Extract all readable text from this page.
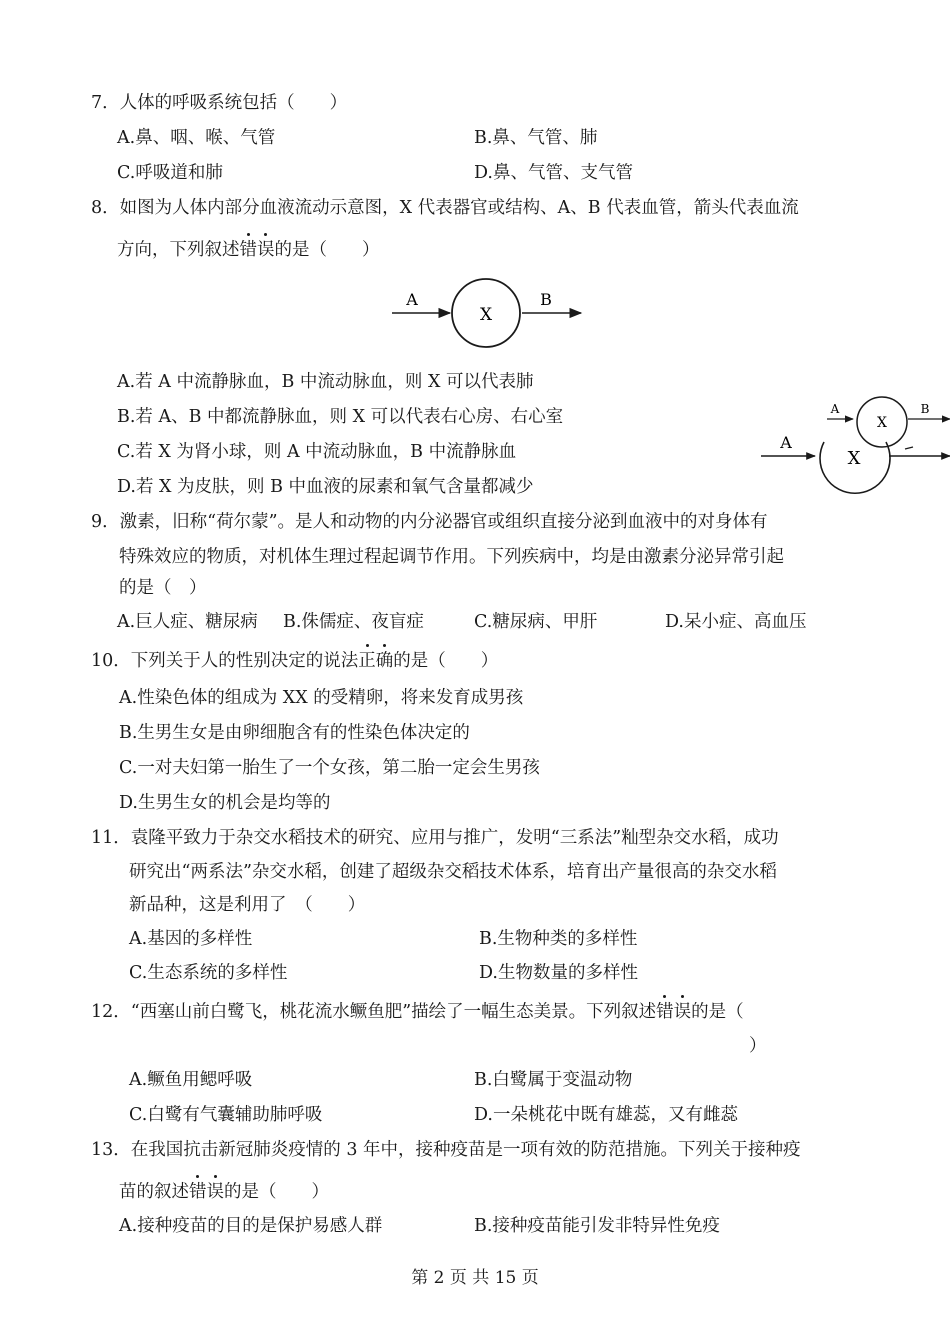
7．人体的呼吸系统包括（　　）
A.鼻、咽、喉、气管	B.鼻、气管、肺
C.呼吸道和肺	D.鼻、气管、支气管
8．如图为人体内部分血液流动示意图，X 代表器官或结构、A、B 代表血管，箭头代表血流
方向，下列叙述错误的是（　　）
A
X
B
A.若 A 中流静脉血，B 中流动脉血，则 X 可以代表肺
B.若 A、B 中都流静脉血，则 X 可以代表右心房、右心室
C.若 X 为肾小球，则 A 中流动脉血，B 中流静脉血
D.若 X 为皮肤，则 B 中血液的尿素和氧气含量都减少
A
X
B
A
X
9．激素，旧称“荷尔蒙”。是人和动物的内分泌器官或组织直接分泌到血液中的对身体有
特殊效应的物质，对机体生理过程起调节作用。下列疾病中，均是由激素分泌异常引起
的是（　）
A.巨人症、糖尿病 B.侏儒症、夜盲症	C.糖尿病、甲肝	D.呆小症、高血压
10．下列关于人的性别决定的说法正确的是（　　）
A.性染色体的组成为 XX 的受精卵，将来发育成男孩
B.生男生女是由卵细胞含有的性染色体决定的
C.一对夫妇第一胎生了一个女孩，第二胎一定会生男孩
D.生男生女的机会是均等的
11．袁隆平致力于杂交水稻技术的研究、应用与推广，发明“三系法”籼型杂交水稻，成功
研究出“两系法”杂交水稻，创建了超级杂交稻技术体系，培育出产量很高的杂交水稻
新品种，这是利用了　（　　）
A.基因的多样性	B.生物种类的多样性
C.生态系统的多样性	D.生物数量的多样性
12．“西塞山前白鹭飞，桃花流水鳜鱼肥”描绘了一幅生态美景。下列叙述错误的是（
）
A.鳜鱼用鳃呼吸	B.白鹭属于变温动物
C.白鹭有气囊辅助肺呼吸	D.一朵桃花中既有雄蕊，又有雌蕊
13．在我国抗击新冠肺炎疫情的 3 年中，接种疫苗是一项有效的防范措施。下列关于接种疫
苗的叙述错误的是（　　）
A.接种疫苗的目的是保护易感人群	B.接种疫苗能引发非特异性免疫
第 2 页 共 15 页
